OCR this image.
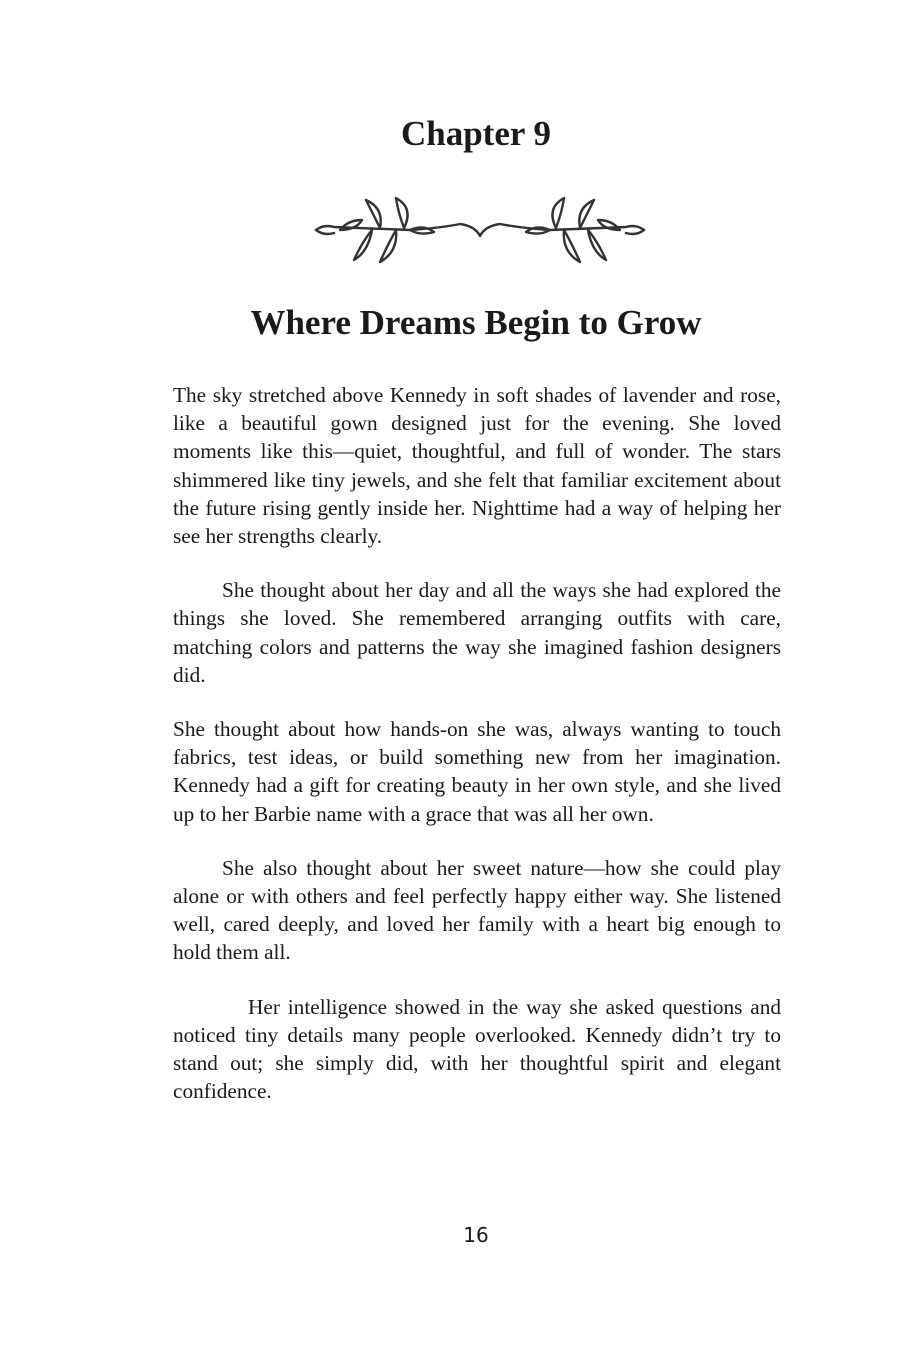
Chapter 9
Where Dreams Begin to Grow

The sky stretched above Kennedy in soft shades of lavender and rose, like a beautiful gown designed just for the evening. She loved moments like this—quiet, thoughtful, and full of wonder. The stars shimmered like tiny jewels, and she felt that familiar excitement about the future rising gently inside her. Nighttime had a way of helping her see her strengths clearly.

She thought about her day and all the ways she had explored the things she loved. She remembered arranging outfits with care, matching colors and patterns the way she imagined fashion designers did.

She thought about how hands-on she was, always wanting to touch fabrics, test ideas, or build something new from her imagination. Kennedy had a gift for creating beauty in her own style, and she lived up to her Barbie name with a grace that was all her own.

She also thought about her sweet nature—how she could play alone or with others and feel perfectly happy either way. She listened well, cared deeply, and loved her family with a heart big enough to hold them all.

Her intelligence showed in the way she asked questions and noticed tiny details many people overlooked. Kennedy didn’t try to stand out; she simply did, with her thoughtful spirit and elegant confidence.

16
